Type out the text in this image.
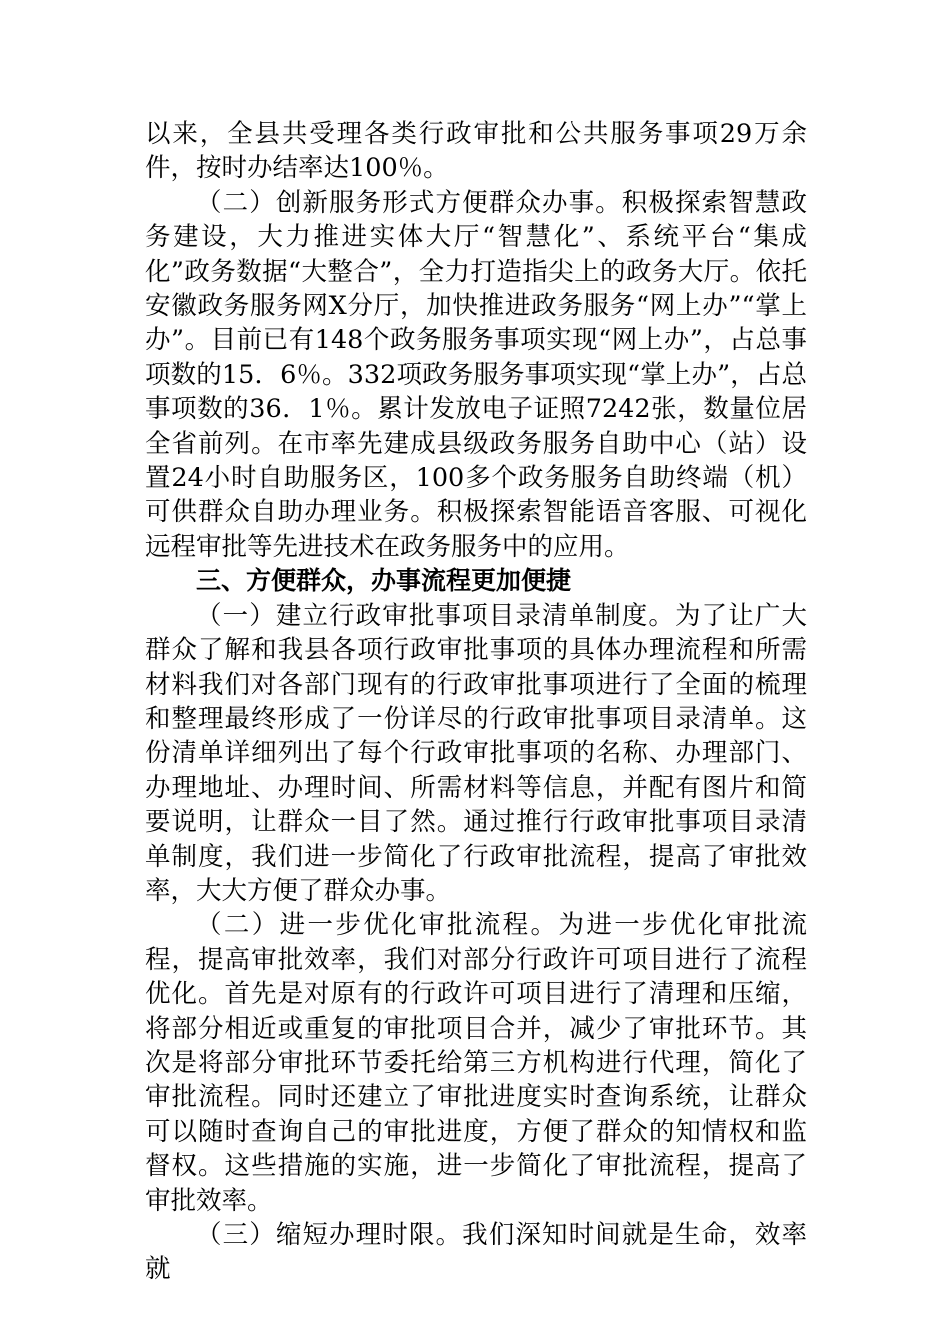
以来，全县共受理各类行政审批和公共服务事项29万余件，按时办结率达100％。

（二）创新服务形式方便群众办事。积极探索智慧政务建设，大力推进实体大厅“智慧化”、系统平台“集成化”政务数据“大整合”，全力打造指尖上的政务大厅。依托安徽政务服务网X分厅，加快推进政务服务“网上办”“掌上办”。目前已有148个政务服务事项实现“网上办”，占总事项数的15．6％。332项政务服务事项实现“掌上办”，占总事项数的36．1％。累计发放电子证照7242张，数量位居全省前列。在市率先建成县级政务服务自助中心（站）设置24小时自助服务区，100多个政务服务自助终端（机）可供群众自助办理业务。积极探索智能语音客服、可视化远程审批等先进技术在政务服务中的应用。

三、方便群众，办事流程更加便捷

（一）建立行政审批事项目录清单制度。为了让广大群众了解和我县各项行政审批事项的具体办理流程和所需材料我们对各部门现有的行政审批事项进行了全面的梳理和整理最终形成了一份详尽的行政审批事项目录清单。这份清单详细列出了每个行政审批事项的名称、办理部门、办理地址、办理时间、所需材料等信息，并配有图片和简要说明，让群众一目了然。通过推行行政审批事项目录清单制度，我们进一步简化了行政审批流程，提高了审批效率，大大方便了群众办事。

（二）进一步优化审批流程。为进一步优化审批流程，提高审批效率，我们对部分行政许可项目进行了流程优化。首先是对原有的行政许可项目进行了清理和压缩，将部分相近或重复的审批项目合并，减少了审批环节。其次是将部分审批环节委托给第三方机构进行代理，简化了审批流程。同时还建立了审批进度实时查询系统，让群众可以随时查询自己的审批进度，方便了群众的知情权和监督权。这些措施的实施，进一步简化了审批流程，提高了审批效率。

（三）缩短办理时限。我们深知时间就是生命，效率就
